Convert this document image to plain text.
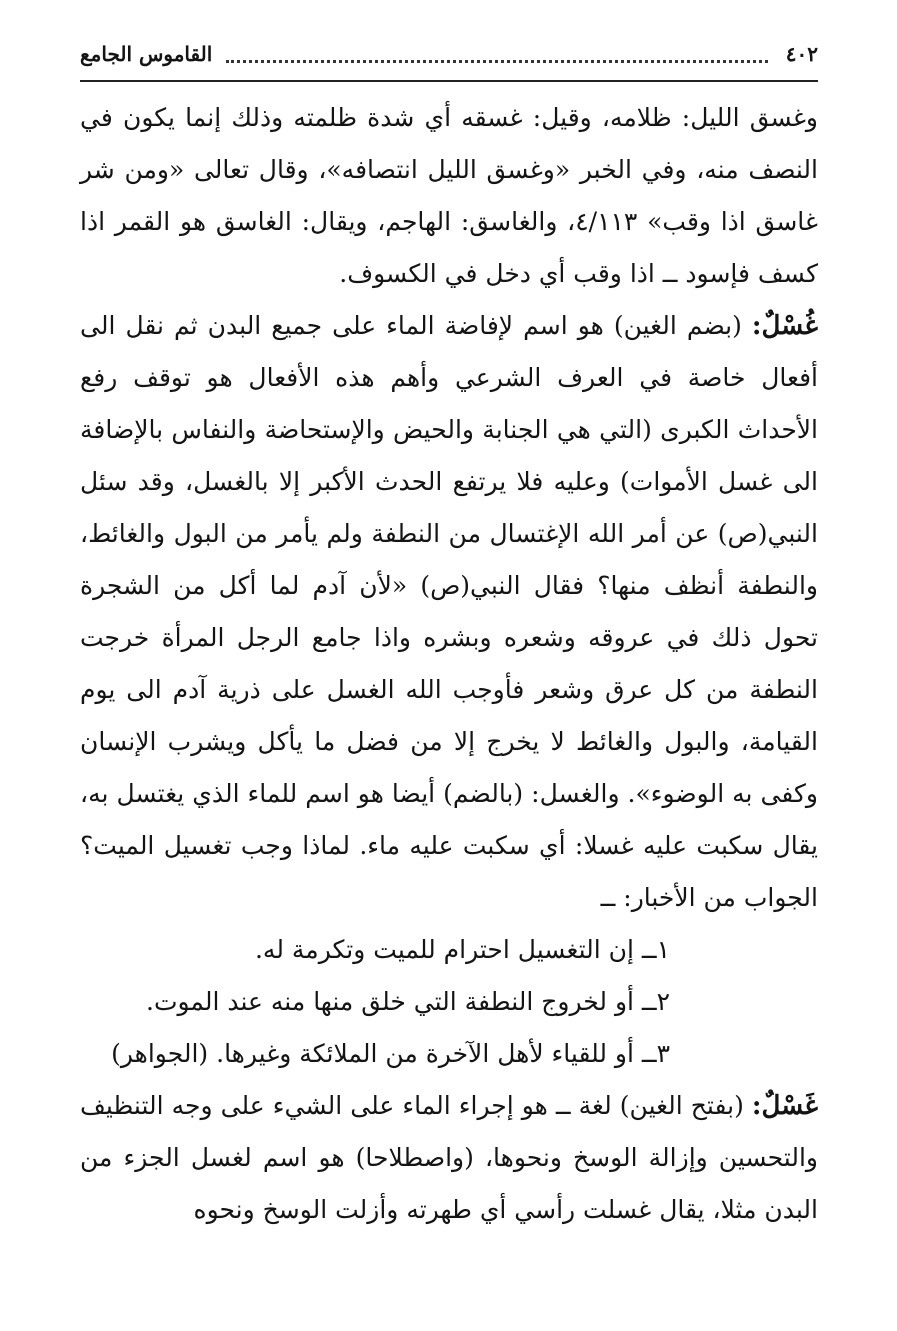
٤٠٢
القاموس الجامع

وغسق الليل: ظلامه، وقيل: غسقه أي شدة ظلمته وذلك إنما يكون في النصف منه، وفي الخبر «وغسق الليل انتصافه»، وقال تعالى «ومن شر غاسق اذا وقب» ٤/١١٣، والغاسق: الهاجم، ويقال: الغاسق هو القمر اذا كسف فإسود ــ اذا وقب أي دخل في الكسوف.

غُسْلٌ: (بضم الغين) هو اسم لإفاضة الماء على جميع البدن ثم نقل الى أفعال خاصة في العرف الشرعي وأهم هذه الأفعال هو توقف رفع الأحداث الكبرى (التي هي الجنابة والحيض والإستحاضة والنفاس بالإضافة الى غسل الأموات) وعليه فلا يرتفع الحدث الأكبر إلا بالغسل، وقد سئل النبي(ص) عن أمر الله الإغتسال من النطفة ولم يأمر من البول والغائط، والنطفة أنظف منها؟ فقال النبي(ص) «لأن آدم لما أكل من الشجرة تحول ذلك في عروقه وشعره وبشره واذا جامع الرجل المرأة خرجت النطفة من كل عرق وشعر فأوجب الله الغسل على ذرية آدم الى يوم القيامة، والبول والغائط لا يخرج إلا من فضل ما يأكل ويشرب الإنسان وكفى به الوضوء». والغسل: (بالضم) أيضا هو اسم للماء الذي يغتسل به، يقال سكبت عليه غسلا: أي سكبت عليه ماء. لماذا وجب تغسيل الميت؟ الجواب من الأخبار: ــ

١ــ إن التغسيل احترام للميت وتكرمة له.

٢ــ أو لخروج النطفة التي خلق منها منه عند الموت.

٣ــ أو للقياء لأهل الآخرة من الملائكة وغيرها. (الجواهر)

غَسْلٌ: (بفتح الغين) لغة ــ هو إجراء الماء على الشيء على وجه التنظيف والتحسين وإزالة الوسخ ونحوها، (واصطلاحا) هو اسم لغسل الجزء من البدن مثلا، يقال غسلت رأسي أي طهرته وأزلت الوسخ ونحوه
